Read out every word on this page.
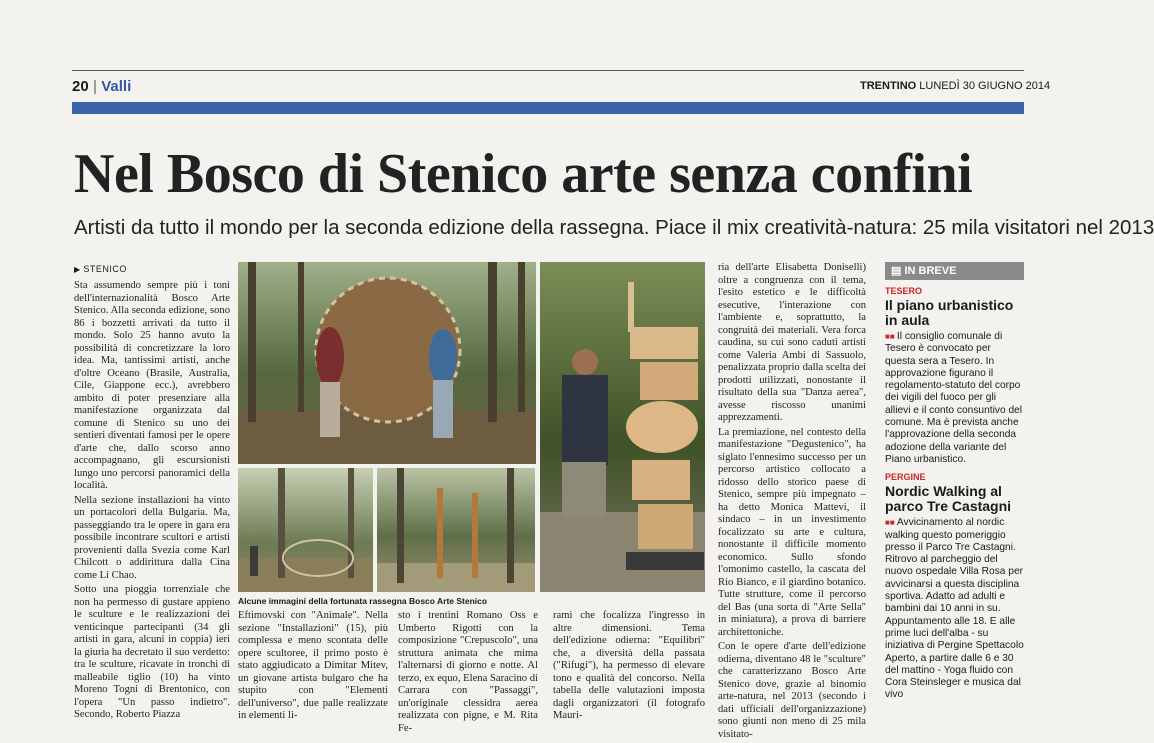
20 | Valli	TRENTINO LUNEDÌ 30 GIUGNO 2014
Nel Bosco di Stenico arte senza confini
Artisti da tutto il mondo per la seconda edizione della rassegna. Piace il mix creatività-natura: 25 mila visitatori nel 2013
▶ STENICO

Sta assumendo sempre più i toni dell'internazionalità Bosco Arte Stenico. Alla seconda edizione, sono 86 i bozzetti arrivati da tutto il mondo. Solo 25 hanno avuto la possibilità di concretizzare la loro idea. Ma, tantissimi artisti, anche d'oltre Oceano (Brasile, Australia, Cile, Giappone ecc.), avrebbero ambito di poter presenziare alla manifestazione organizzata dal comune di Stenico su uno dei sentieri diventati famosi per le opere d'arte che, dallo scorso anno accompagnano, gli escursionisti lungo uno percorsi panoramici della località.

Nella sezione installazioni ha vinto un portacolori della Bulgaria. Ma, passeggiando tra le opere in gara era possibile incontrare scultori e artisti provenienti dalla Svezia come Karl Chilcott o addirittura dalla Cina come Li Chao.

Sotto una pioggia torrenziale che non ha permesso di gustare appieno le sculture e le realizzazioni dei venticinque partecipanti (34 gli artisti in gara, alcuni in coppia) ieri la giuria ha decretato il suo verdetto: tra le sculture, ricavate in tronchi di malleabile tiglio (10) ha vinto Moreno Togni di Brentonico, con l'opera "Un passo indietro". Secondo, Roberto Piazza

Alcune immagini della fortunata rassegna Bosco Arte Stenico
Eftimovski con "Animale". Nella sezione "Installazioni" (15), più complessa e meno scontata delle opere scultoree, il primo posto è stato aggiudicato a Dimitar Mitev, un giovane artista bulgaro che ha stupito con "Elementi dell'universo", due palle realizzate in elementi li-
sto i trentini Romano Oss e Umberto Rigotti con la composizione "Crepuscolo", una struttura animata che mima l'alternarsi di giorno e notte. Al terzo, ex equo, Elena Saracino di Carrara con "Passaggi", un'originale clessidra aerea realizzata con pigne, e M. Rita Fe-
rami che focalizza l'ingresso in altre dimensioni. Tema dell'edizione odierna: "Equilibri" che, a diversità della passata ("Rifugi"), ha permesso di elevare tono e qualità del concorso. Nella tabella delle valutazioni imposta dagli organizzatori (il fotografo Mauri-

ria dell'arte Elisabetta Doniselli) oltre a congruenza con il tema, l'esito estetico e le difficoltà esecutive, l'interazione con l'ambiente e, soprattutto, la congruità dei materiali. Vera forca caudina, su cui sono caduti artisti come Valeria Ambi di Sassuolo, penalizzata proprio dalla scelta dei prodotti utilizzati, nonostante il risultato della sua "Danza aerea", avesse riscosso unanimi apprezzamenti.

La premiazione, nel contesto della manifestazione "Degustenico", ha siglato l'ennesimo successo per un percorso artistico collocato a ridosso dello storico paese di Stenico, sempre più impegnato – ha detto Monica Mattevi, il sindaco – in un investimento focalizzato su arte e cultura, nonostante il difficile momento economico. Sullo sfondo l'omonimo castello, la cascata del Rio Bianco, e il giardino botanico. Tutte strutture, come il percorso del Bas (una sorta di "Arte Sella" in miniatura), a prova di barriere architettoniche.

Con le opere d'arte dell'edizione odierna, diventano 48 le "sculture" che caratterizzano Bosco Arte Stenico dove, grazie al binomio arte-natura, nel 2013 (secondo i dati ufficiali dell'organizzazione) sono giunti non meno di 25 mila visitato-

▤ IN BREVE
TESERO
Il piano urbanistico in aula
■■ Il consiglio comunale di Tesero è convocato per questa sera a Tesero. In approvazione figurano il regolamento-statuto del corpo dei vigili del fuoco per gli allievi e il conto consuntivo del comune. Ma è prevista anche l'approvazione della seconda adozione della variante del Piano urbanistico.
PERGINE
Nordic Walking al parco Tre Castagni
■■ Avvicinamento al nordic walking questo pomeriggio presso il Parco Tre Castagni. Ritrovo al parcheggio del nuovo ospedale Villa Rosa per avvicinarsi a questa disciplina sportiva. Adatto ad adulti e bambini dai 10 anni in su. Appuntamento alle 18. E alle prime luci dell'alba - su iniziativa di Pergine Spettacolo Aperto, a partire dalle 6 e 30 del mattino - Yoga fluido con Cora Steinsleger e musica dal vivo
